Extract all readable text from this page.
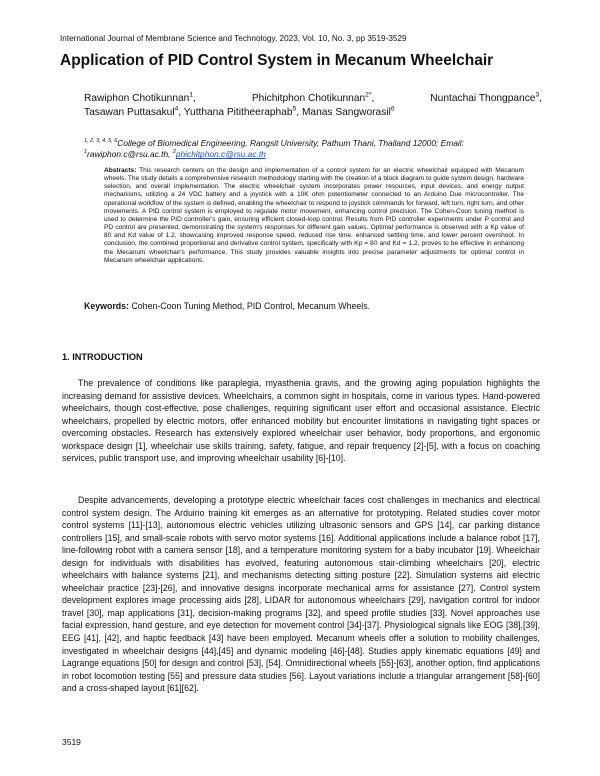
International Journal of Membrane Science and Technology, 2023, Vol. 10, No. 3, pp 3519-3529
Application of PID Control System in Mecanum Wheelchair
Rawiphon Chotikunnan$^1$,	Phichitphon Chotikunnan$^{2*}$,	Nuntachai Thongpance$^3$,
Tasawan Puttasakul$^4$, Yutthana Pititheeraphab$^5$, Manas Sangworasil$^6$
$^{1, 2, 3, 4, 5, 6}$College of Biomedical Engineering, Rangsit University, Pathum Thani, Thailand 12000; Email:
$^1$rawiphon.c@rsu.ac.th, $^2$phichitphon.c@rsu.ac.th
Abstracts: This research centers on the design and implementation of a control system for an electric wheelchair equipped with Mecanum wheels. The study details a comprehensive research methodology starting with the creation of a block diagram to guide system design, hardware selection, and overall implementation. The electric wheelchair system incorporates power resources, input devices, and energy output mechanisms, utilizing a 24 VDC battery and a joystick with a 10K ohm potentiometer connected to an Arduino Due microcontroller. The operational workflow of the system is defined, enabling the wheelchair to respond to joystick commands for forward, left turn, right turn, and other movements. A PID control system is employed to regulate motor movement, enhancing control precision. The Cohen-Coon tuning method is used to determine the PID controller's gain, ensuring efficient closed-loop control. Results from PID controller experiments under P control and PD control are presented, demonstrating the system's responses for different gain values. Optimal performance is observed with a Kp value of 80 and Kd value of 1.2, showcasing improved response speed, reduced rise time, enhanced settling time, and lower percent overshoot. In conclusion, the combined proportional and derivative control system, specifically with Kp = 80 and Kd = 1.2, proves to be effective in enhancing the Mecanum wheelchair's performance. This study provides valuable insights into precise parameter adjustments for optimal control in Mecanum wheelchair applications.
Keywords: Cohen-Coon Tuning Method, PID Control, Mecanum Wheels.
1. INTRODUCTION
The prevalence of conditions like paraplegia, myasthenia gravis, and the growing aging population highlights the increasing demand for assistive devices. Wheelchairs, a common sight in hospitals, come in various types. Hand-powered wheelchairs, though cost-effective, pose challenges, requiring significant user effort and occasional assistance. Electric wheelchairs, propelled by electric motors, offer enhanced mobility but encounter limitations in navigating tight spaces or overcoming obstacles. Research has extensively explored wheelchair user behavior, body proportions, and ergonomic workspace design [1], wheelchair use skills training, safety, fatigue, and repair frequency [2]-[5], with a focus on coaching services, public transport use, and improving wheelchair usability [6]-[10].
Despite advancements, developing a prototype electric wheelchair faces cost challenges in mechanics and electrical control system design. The Arduino training kit emerges as an alternative for prototyping. Related studies cover motor control systems [11]-[13], autonomous electric vehicles utilizing ultrasonic sensors and GPS [14], car parking distance controllers [15], and small-scale robots with servo motor systems [16]. Additional applications include a balance robot [17], line-following robot with a camera sensor [18], and a temperature monitoring system for a baby incubator [19]. Wheelchair design for individuals with disabilities has evolved, featuring autonomous stair-climbing wheelchairs [20], electric wheelchairs with balance systems [21], and mechanisms detecting sitting posture [22]. Simulation systems aid electric wheelchair practice [23]-[26], and innovative designs incorporate mechanical arms for assistance [27]. Control system development explores image processing aids [28], LIDAR for autonomous wheelchairs [29], navigation control for indoor travel [30], map applications [31], decision-making programs [32], and speed profile studies [33]. Novel approaches use facial expression, hand gesture, and eye detection for movement control [34]-[37]. Physiological signals like EOG [38],[39], EEG [41], [42], and haptic feedback [43] have been employed. Mecanum wheels offer a solution to mobility challenges, investigated in wheelchair designs [44],[45] and dynamic modeling [46]-[48]. Studies apply kinematic equations [49] and Lagrange equations [50] for design and control [53], [54]. Omnidirectional wheels [55]-[63], another option, find applications in robot locomotion testing [55] and pressure data studies [56]. Layout variations include a triangular arrangement [58]-[60] and a cross-shaped layout [61][62].
3519
